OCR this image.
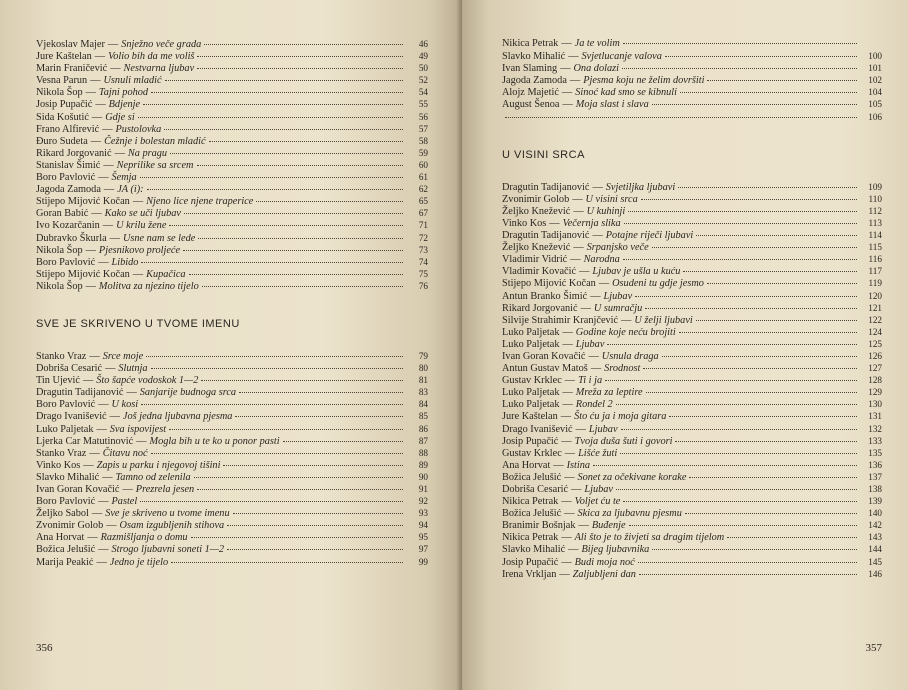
Vjekoslav Majer — Snježno veče grada	46
Jure Kaštelan — Volio bih da me voliš	49
Marin Franičević — Nestvarna ljubav	50
Vesna Parun — Usnuli mladić	52
Nikola Šop — Tajni pohod	54
Josip Pupačić — Bdjenje	55
Sida Košutić — Gdje si	56
Frano Alfirević — Pustolovka	57
Đuro Sudeta — Čežnje i bolestan mladić	58
Rikard Jorgovanić — Na pragu	59
Stanislav Šimić — Neprilike sa srcem	60
Boro Pavlović — Šemja	61
Jagoda Zamoda — JA (i):	62
Stijepo Mijović Kočan — Njeno lice njene traperice	65
Goran Babić — Kako se uči ljubav	67
Ivo Kozarčanin — U krilu žene	71
Dubravko Škurla — Usne nam se lede	72
Nikola Šop — Pjesnikovo proljeće	73
Boro Pavlović — Libido	74
Stijepo Mijović Kočan — Kupačica	75
Nikola Šop — Molitva za njezino tijelo	76
SVE JE SKRIVENO U TVOME IMENU
Stanko Vraz — Srce moje	79
Dobriša Cesarić — Slutnja	80
Tin Ujević — Što šapće vodoskok 1—2	81
Dragutin Tadijanović — Sanjarije budnoga srca	83
Boro Pavlović — U kosi	84
Drago Ivanišević — Još jedna ljubavna pjesma	85
Luko Paljetak — Sva ispovijest	86
Ljerka Car Matutinović — Mogla bih u te ko u ponor pasti	87
Stanko Vraz — Čitavu noć	88
Vinko Kos — Zapis u parku i njegovoj tišini	89
Slavko Mihalić — Tamno od zelenila	90
Ivan Goran Kovačić — Prezrela jesen	91
Boro Pavlović — Pastel	92
Željko Sabol — Sve je skriveno u tvome imenu	93
Zvonimir Golob — Osam izgubljenih stihova	94
Ana Horvat — Razmišljanja o domu	95
Božica Jelušić — Strogo ljubavni soneti 1—2	97
Marija Peakić — Jedno je tijelo	99
356
Nikica Petrak — Ja te volim
Slavko Mihalić — Svjetlucanje valova	100
Ivan Slaming — Ona dolazi	101
Jagoda Zamoda — Pjesma koju ne želim dovršiti	102
Alojz Majetić — Sinoć kad smo se kibnuli	104
August Šenoa — Moja slast i slava	105
106
U VISINI SRCA
Dragutin Tadijanović — Svjetiljka ljubavi	109
Zvonimir Golob — U visini srca	110
Željko Knežević — U kuhinji	112
Vinko Kos — Večernja slika	113
Dragutin Tadijanović — Potajne riječi ljubavi	114
Željko Knežević — Srpanjsko veče	115
Vladimir Vidrić — Narodna	116
Vladimir Kovačić — Ljubav je ušla u kuću	117
Stijepo Mijović Kočan — Osudeni tu gdje jesmo	119
Antun Branko Šimić — Ljubav	120
Rikard Jorgovanić — U sumračju	121
Silvije Strahimir Kranjčević — U želji ljubavi	122
Luko Paljetak — Godine koje neću brojiti	124
Luko Paljetak — Ljubav	125
Ivan Goran Kovačić — Usnula draga	126
Antun Gustav Matoš — Srodnost	127
Gustav Krklec — Ti i ja	128
Luko Paljetak — Mreža za leptire	129
Luko Paljetak — Rondel 2	130
Jure Kaštelan — Što ću ja i moja gitara	131
Drago Ivanišević — Ljubav	132
Josip Pupačić — Tvoja duša šuti i govori	133
Gustav Krklec — Lišće žuti	135
Ana Horvat — Istina	136
Božica Jelušić — Sonet za očekivane korake	137
Dobriša Cesarić — Ljubav	138
Nikica Petrak — Voljet ću te	139
Božica Jelušić — Skica za ljubavnu pjesmu	140
Branimir Bošnjak — Buđenje	142
Nikica Petrak — Ali što je to živjeti sa dragim tijelom	143
Slavko Mihalić — Bijeg ljubavnika	144
Josip Pupačić — Budi moja noć	145
Irena Vrkljan — Zaljubljeni dan	146
357
